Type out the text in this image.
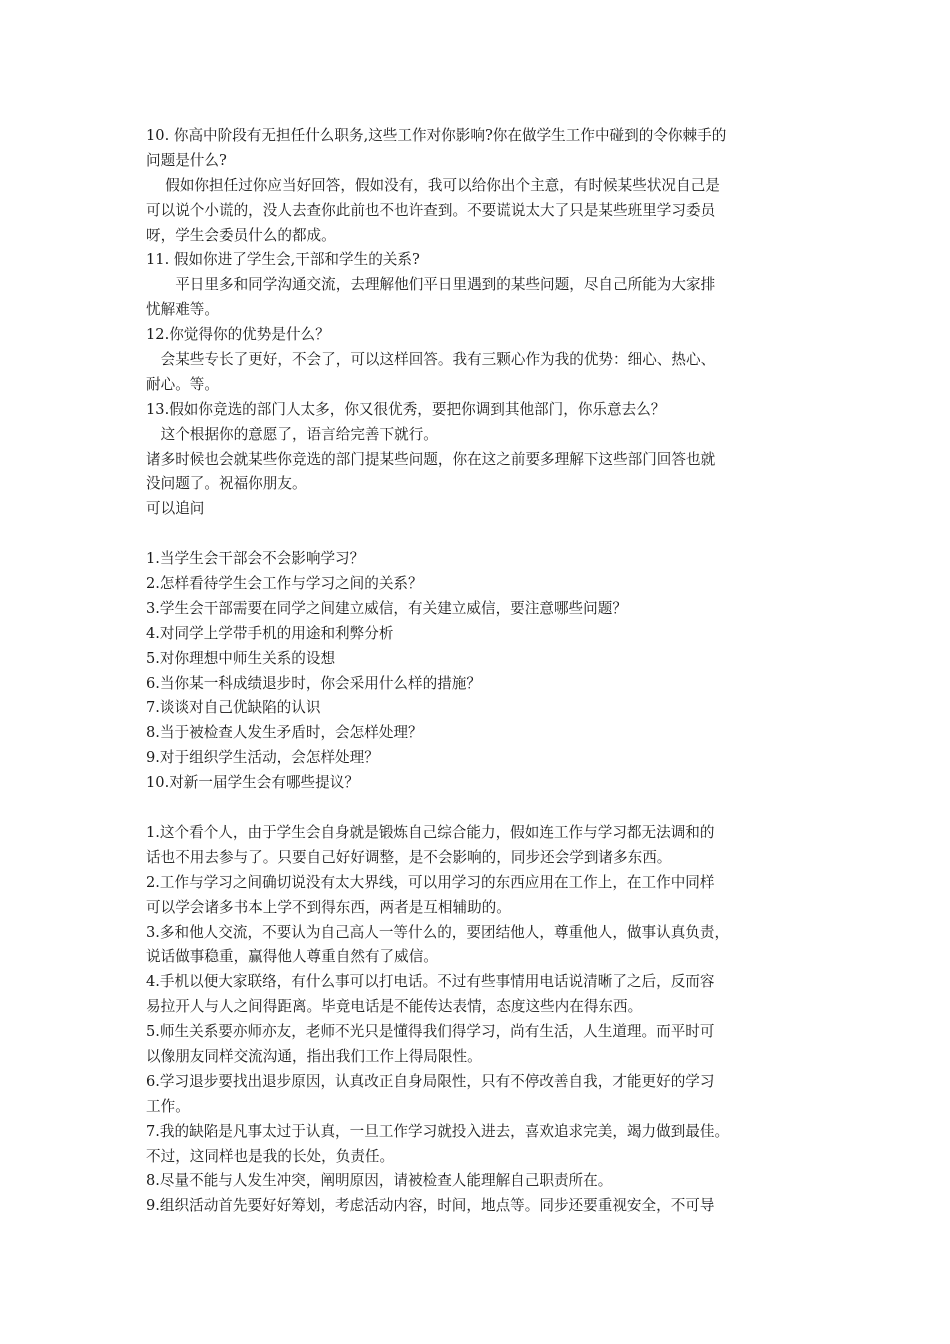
10. 你高中阶段有无担任什么职务,这些工作对你影响?你在做学生工作中碰到的令你棘手的
问题是什么?
　 假如你担任过你应当好回答，假如没有，我可以给你出个主意，有时候某些状况自己是
可以说个小谎的，没人去查你此前也不也许查到。不要谎说太大了只是某些班里学习委员
呀，学生会委员什么的都成。
11. 假如你进了学生会,干部和学生的关系?
　　平日里多和同学沟通交流，去理解他们平日里遇到的某些问题，尽自己所能为大家排
忧解难等。
12.你觉得你的优势是什么？
　会某些专长了更好，不会了，可以这样回答。我有三颗心作为我的优势：细心、热心、
耐心。等。
13.假如你竞选的部门人太多，你又很优秀，要把你调到其他部门，你乐意去么？
　这个根据你的意愿了，语言给完善下就行。
诸多时候也会就某些你竞选的部门提某些问题，你在这之前要多理解下这些部门回答也就
没问题了。祝福你朋友。
可以追问
1.当学生会干部会不会影响学习？
2.怎样看待学生会工作与学习之间的关系？
3.学生会干部需要在同学之间建立威信，有关建立威信，要注意哪些问题？
4.对同学上学带手机的用途和利弊分析
5.对你理想中师生关系的设想
6.当你某一科成绩退步时，你会采用什么样的措施？
7.谈谈对自己优缺陷的认识
8.当于被检查人发生矛盾时，会怎样处理？
9.对于组织学生活动，会怎样处理？
10.对新一届学生会有哪些提议？
1.这个看个人，由于学生会自身就是锻炼自己综合能力，假如连工作与学习都无法调和的
话也不用去参与了。只要自己好好调整，是不会影响的，同步还会学到诸多东西。
2.工作与学习之间确切说没有太大界线，可以用学习的东西应用在工作上，在工作中同样
可以学会诸多书本上学不到得东西，两者是互相辅助的。
3.多和他人交流，不要认为自己高人一等什么的，要团结他人，尊重他人，做事认真负责，
说话做事稳重，赢得他人尊重自然有了威信。
4.手机以便大家联络，有什么事可以打电话。不过有些事情用电话说清晰了之后，反而容
易拉开人与人之间得距离。毕竟电话是不能传达表情，态度这些内在得东西。
5.师生关系要亦师亦友，老师不光只是懂得我们得学习，尚有生活，人生道理。而平时可
以像朋友同样交流沟通，指出我们工作上得局限性。
6.学习退步要找出退步原因，认真改正自身局限性，只有不停改善自我，才能更好的学习
工作。
7.我的缺陷是凡事太过于认真，一旦工作学习就投入进去，喜欢追求完美，竭力做到最佳。
不过，这同样也是我的长处，负责任。
8.尽量不能与人发生冲突，阐明原因，请被检查人能理解自己职责所在。
9.组织活动首先要好好筹划，考虑活动内容，时间，地点等。同步还要重视安全，不可导
